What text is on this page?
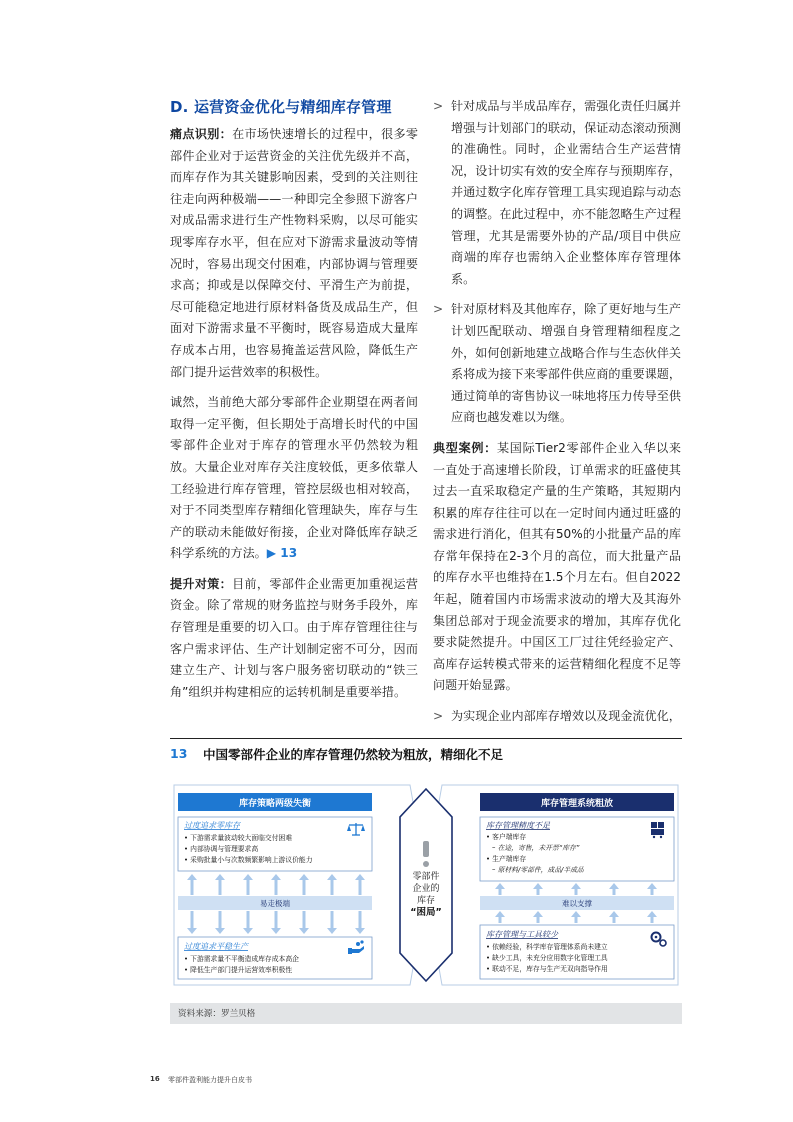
D. 运营资金优化与精细库存管理

痛点识别：在市场快速增长的过程中，很多零部件企业对于运营资金的关注优先级并不高，而库存作为其关键影响因素，受到的关注则往往走向两种极端——一种即完全参照下游客户对成品需求进行生产性物料采购，以尽可能实现零库存水平，但在应对下游需求量波动等情况时，容易出现交付困难，内部协调与管理要求高；抑或是以保障交付、平滑生产为前提，尽可能稳定地进行原材料备货及成品生产，但面对下游需求量不平衡时，既容易造成大量库存成本占用，也容易掩盖运营风险，降低生产部门提升运营效率的积极性。

诚然，当前绝大部分零部件企业期望在两者间取得一定平衡，但长期处于高增长时代的中国零部件企业对于库存的管理水平仍然较为粗放。大量企业对库存关注度较低，更多依靠人工经验进行库存管理，管控层级也相对较高，对于不同类型库存精细化管理缺失，库存与生产的联动未能做好衔接，企业对降低库存缺乏科学系统的方法。▶ 13

提升对策：目前，零部件企业需更加重视运营资金。除了常规的财务监控与财务手段外，库存管理是重要的切入口。由于库存管理往往与客户需求评估、生产计划制定密不可分，因而建立生产、计划与客户服务密切联动的“铁三角”组织并构建相应的运转机制是重要举措。

> 针对成品与半成品库存，需强化责任归属并增强与计划部门的联动，保证动态滚动预测的准确性。同时，企业需结合生产运营情况，设计切实有效的安全库存与预期库存，并通过数字化库存管理工具实现追踪与动态的调整。在此过程中，亦不能忽略生产过程管理，尤其是需要外协的产品/项目中供应商端的库存也需纳入企业整体库存管理体系。
> 针对原材料及其他库存，除了更好地与生产计划匹配联动、增强自身管理精细程度之外，如何创新地建立战略合作与生态伙伴关系将成为接下来零部件供应商的重要课题，通过简单的寄售协议一味地将压力传导至供应商也越发难以为继。

典型案例：某国际Tier2零部件企业入华以来一直处于高速增长阶段，订单需求的旺盛使其过去一直采取稳定产量的生产策略，其短期内积累的库存往往可以在一定时间内通过旺盛的需求进行消化，但其有50%的小批量产品的库存常年保持在2-3个月的高位，而大批量产品的库存水平也维持在1.5个月左右。但自2022年起，随着国内市场需求波动的增大及其海外集团总部对于现金流要求的增加，其库存优化要求陡然提升。中国区工厂过往凭经验定产、高库存运转模式带来的运营精细化程度不足等问题开始显露。

> 为实现企业内部库存增效以及现金流优化，
13 中国零部件企业的库存管理仍然较为粗放，精细化不足
零部件
企业的
库存
“困局”
库存策略两级失衡
过度追求零库存
• 下游需求量波动较大面临交付困难
• 内部协调与管理要求高
• 采购批量小与次数频繁影响上游议价能力
易走极端
过度追求平稳生产
• 下游需求量不平衡造成库存成本高企
• 降低生产部门提升运营效率积极性
库存管理系统粗放
库存管理精度不足
• 客户端库存
– 在途，寄售，未开票“库存”
• 生产端库存
– 原材料/零部件，成品/半成品
难以支撑
库存管理与工具较少
• 依赖经验，科学库存管理体系尚未建立
• 缺少工具，未充分应用数字化管理工具
• 联动不足，库存与生产无双向指导作用
资料来源：罗兰贝格
16 零部件盈利能力提升白皮书
